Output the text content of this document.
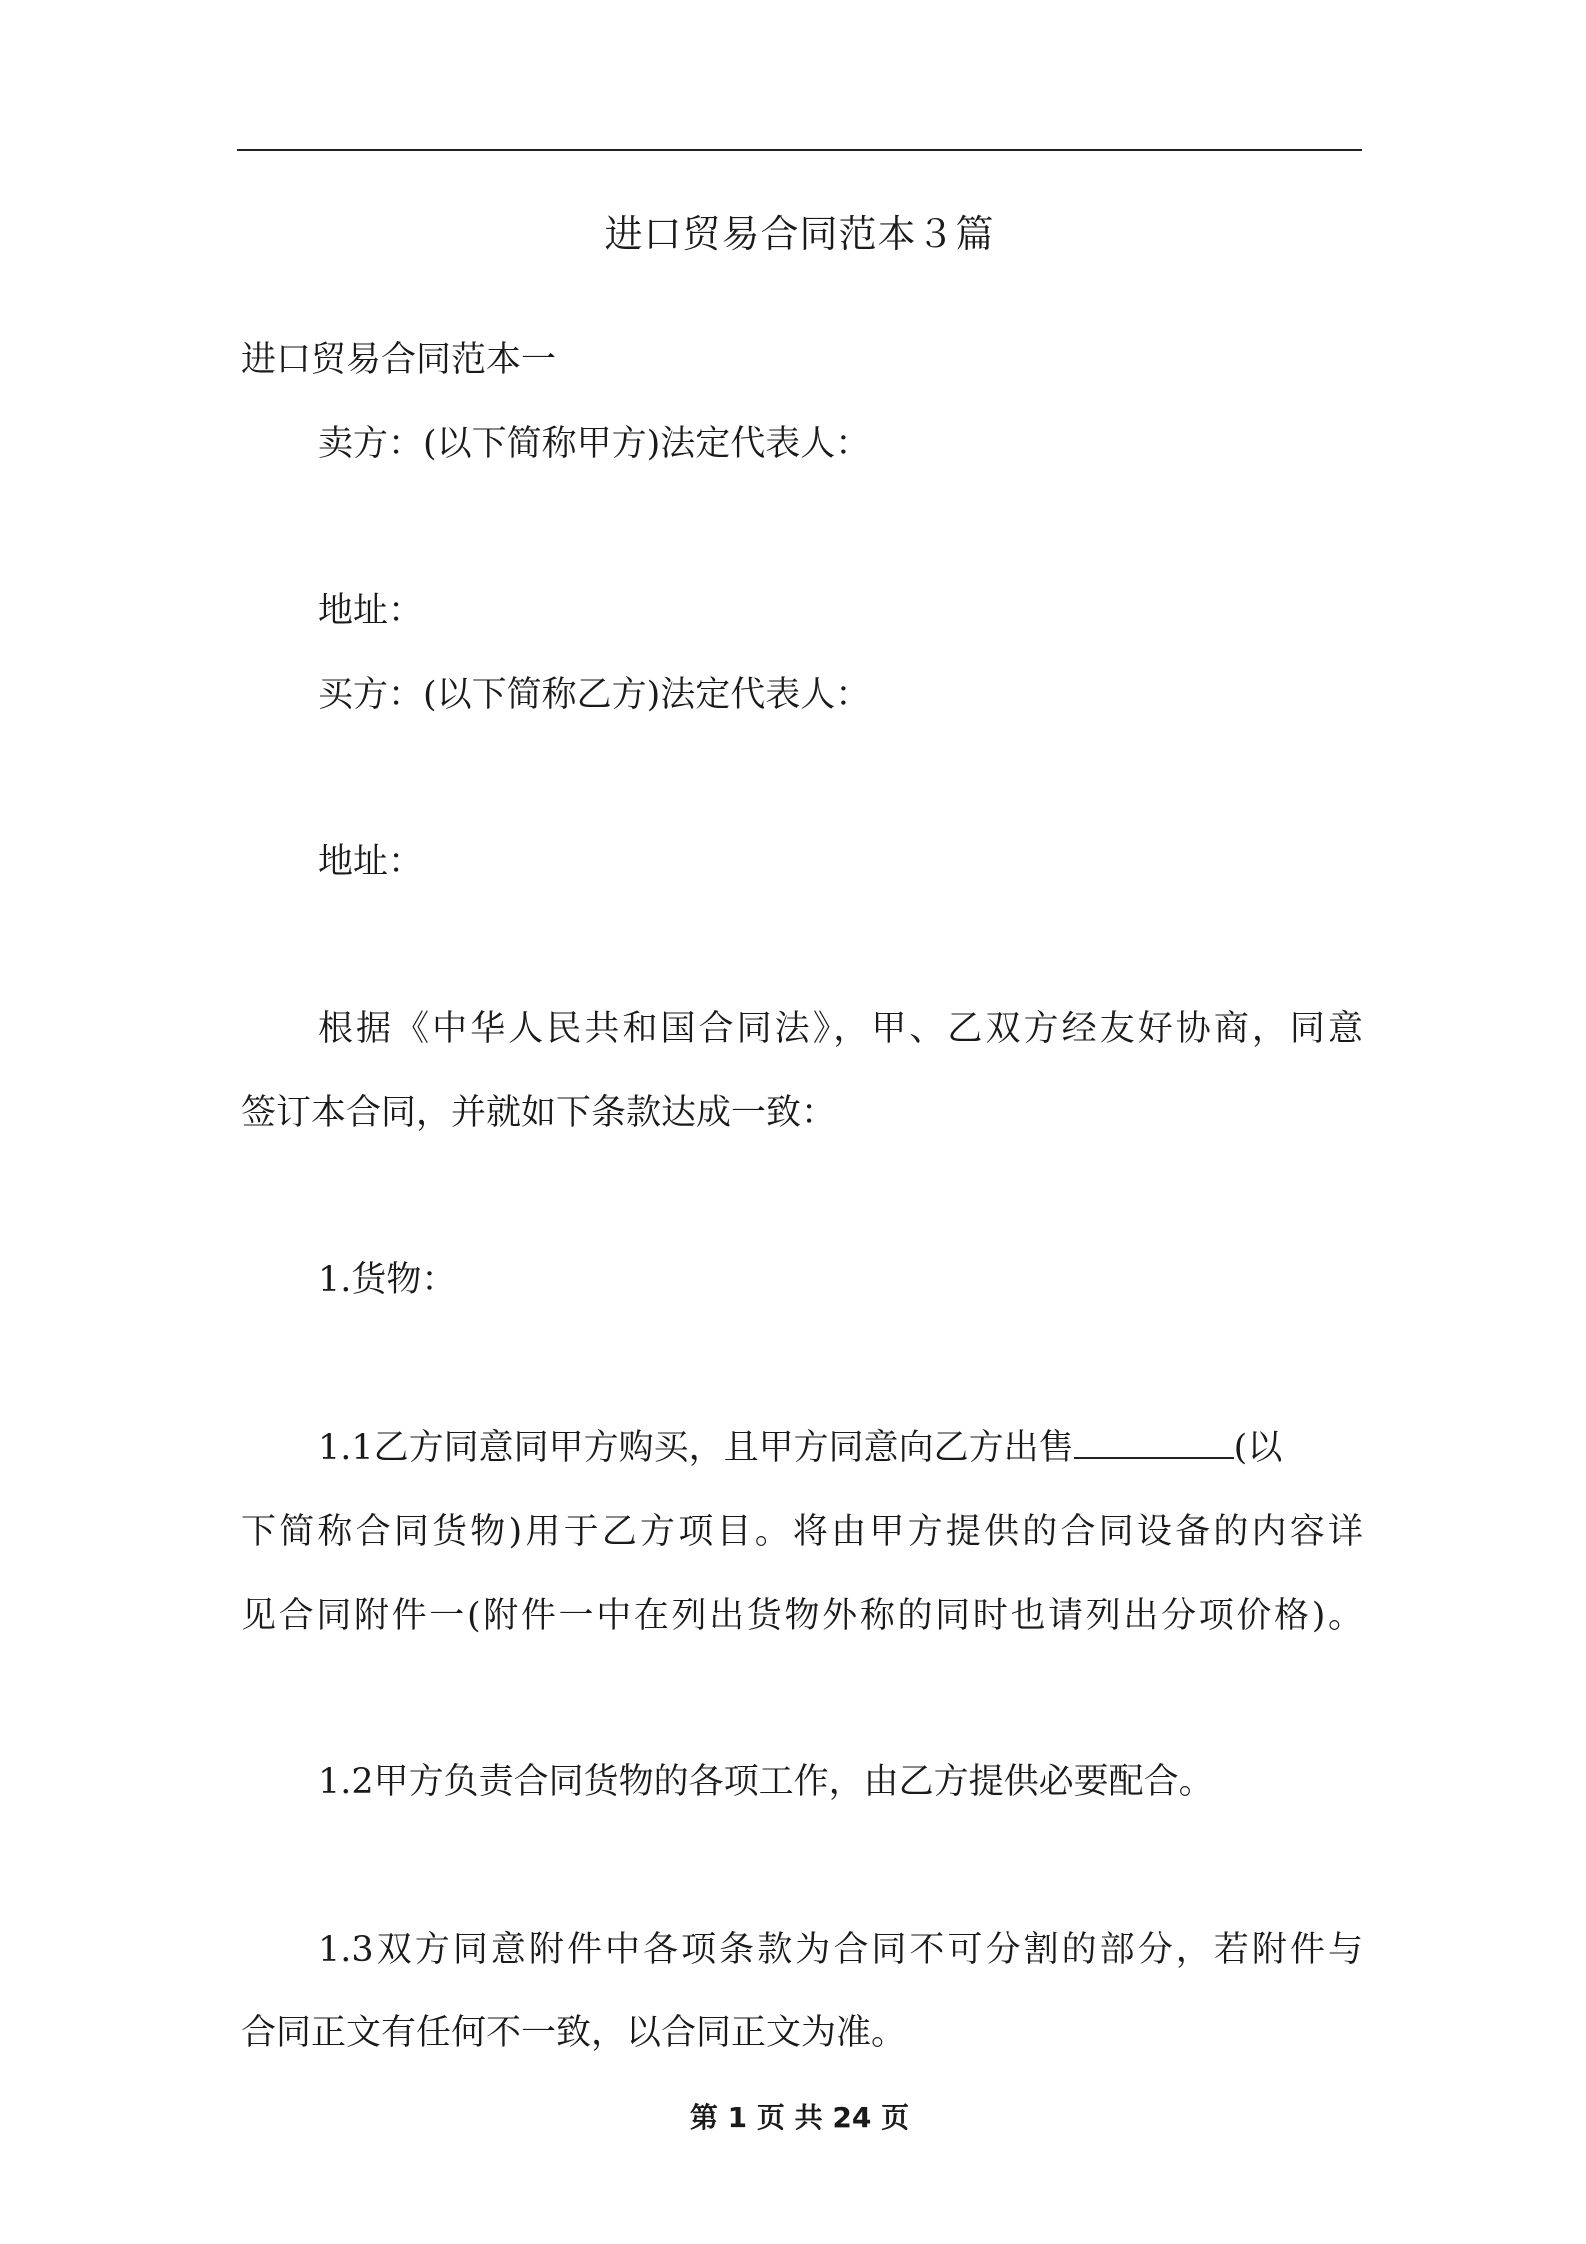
进口贸易合同范本３篇

进口贸易合同范本一

卖方：(以下简称甲方)法定代表人：

地址：

买方：(以下简称乙方)法定代表人：

地址：

根据《中华人民共和国合同法》，甲、乙双方经友好协商，同意

签订本合同，并就如下条款达成一致：

1.货物：

1.1乙方同意同甲方购买，且甲方同意向乙方出售	(以

下简称合同货物)用于乙方项目。将由甲方提供的合同设备的内容详

见合同附件一(附件一中在列出货物外称的同时也请列出分项价格)。

1.2甲方负责合同货物的各项工作，由乙方提供必要配合。

1.3双方同意附件中各项条款为合同不可分割的部分，若附件与

合同正文有任何不一致，以合同正文为准。

第 1 页 共 24 页
